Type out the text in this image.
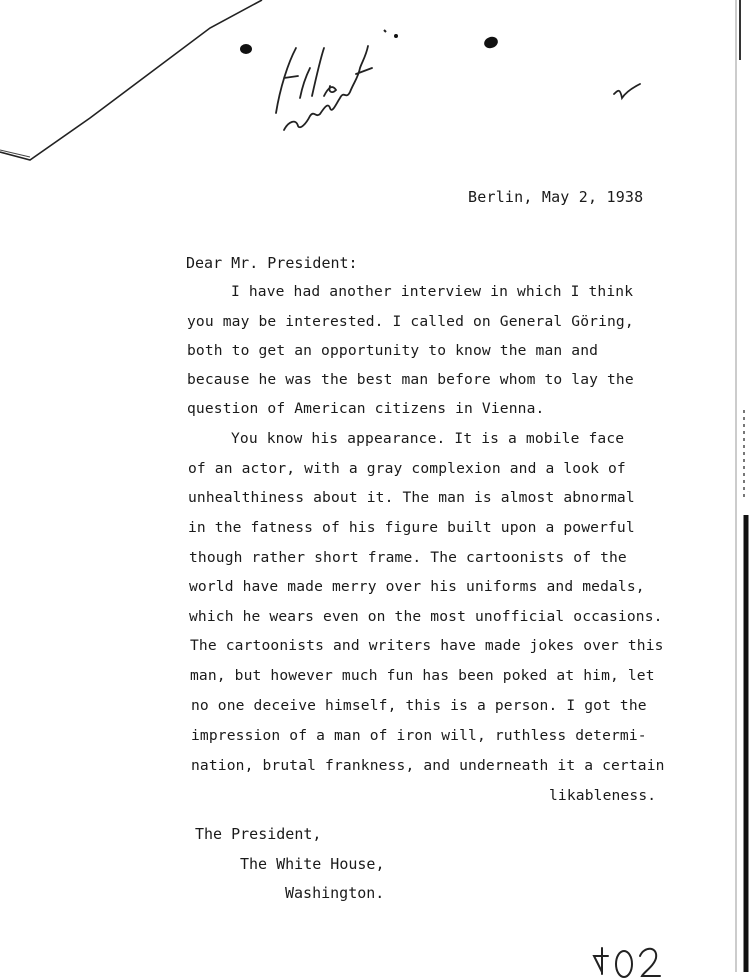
Berlin, May 2, 1938
Dear Mr. President:
I have had another interview in which I think
you may be interested. I called on General Göring,
both to get an opportunity to know the man and
because he was the best man before whom to lay the
question of American citizens in Vienna.
You know his appearance. It is a mobile face
of an actor, with a gray complexion and a look of
unhealthiness about it. The man is almost abnormal
in the fatness of his figure built upon a powerful
though rather short frame. The cartoonists of the
world have made merry over his uniforms and medals,
which he wears even on the most unofficial occasions.
The cartoonists and writers have made jokes over this
man, but however much fun has been poked at him, let
no one deceive himself, this is a person. I got the
impression of a man of iron will, ruthless determi-
nation, brutal frankness, and underneath it a certain
likableness.
The President,
The White House,
Washington.
